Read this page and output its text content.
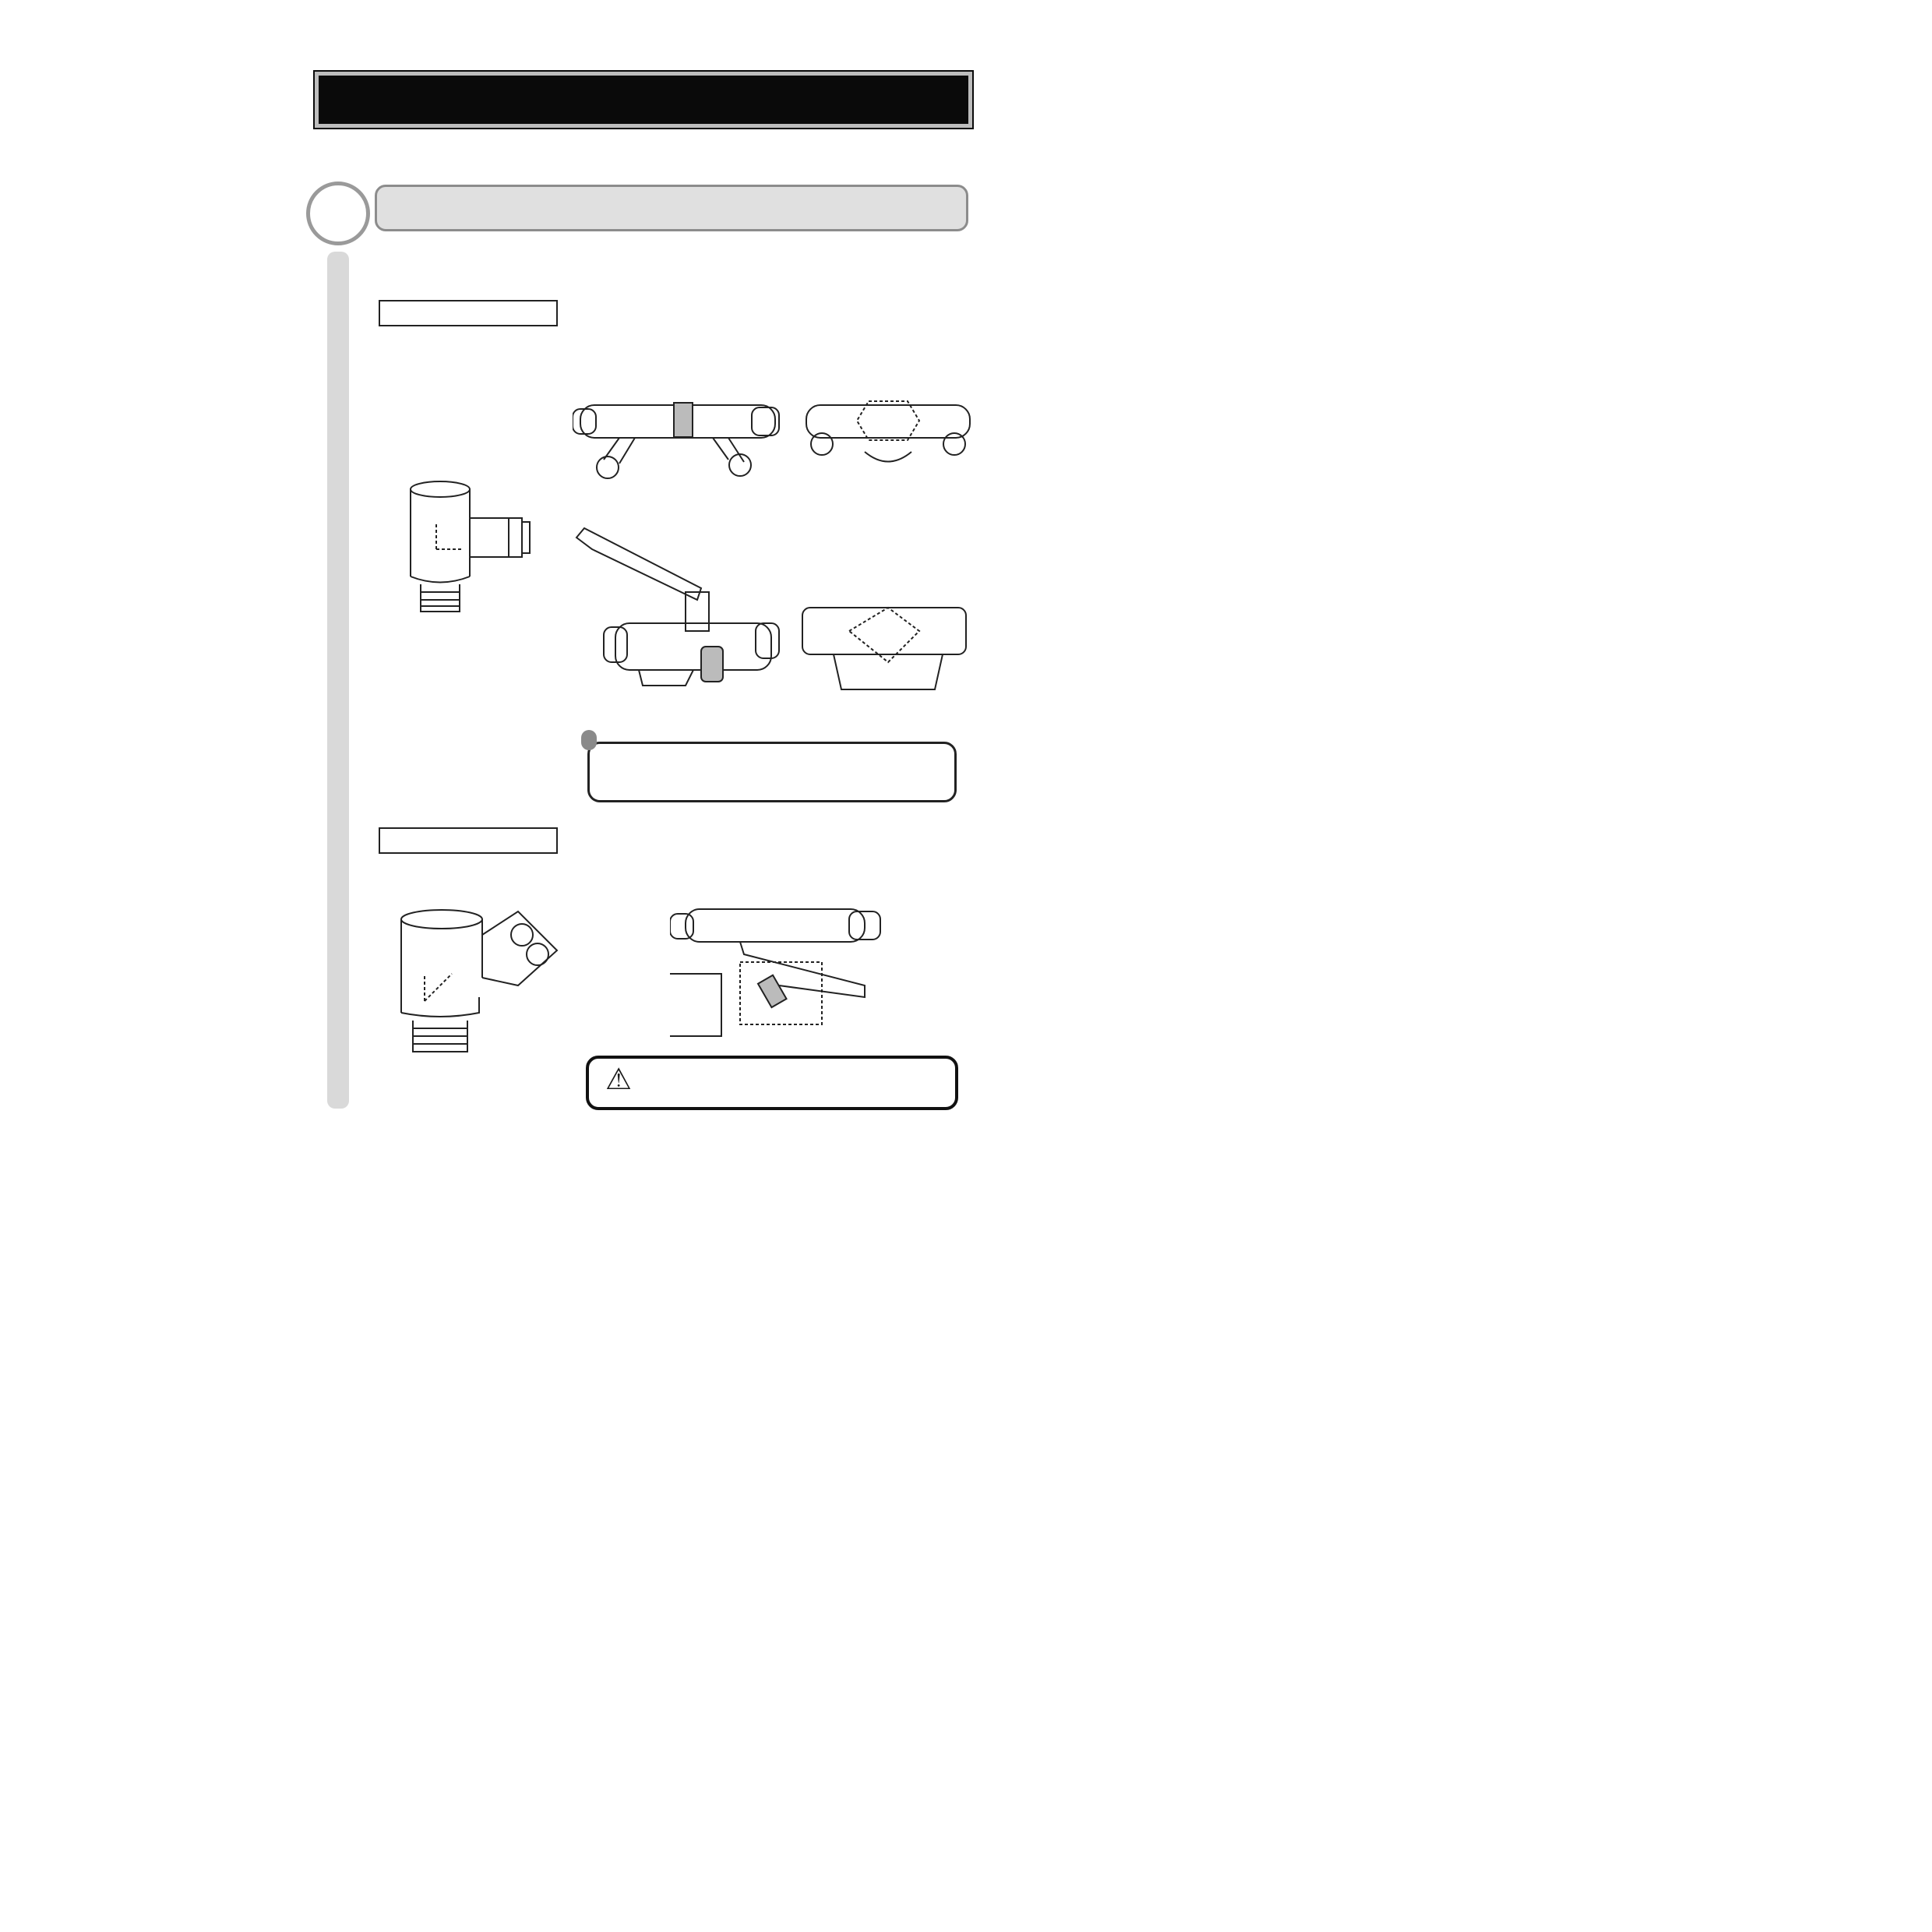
⚠
